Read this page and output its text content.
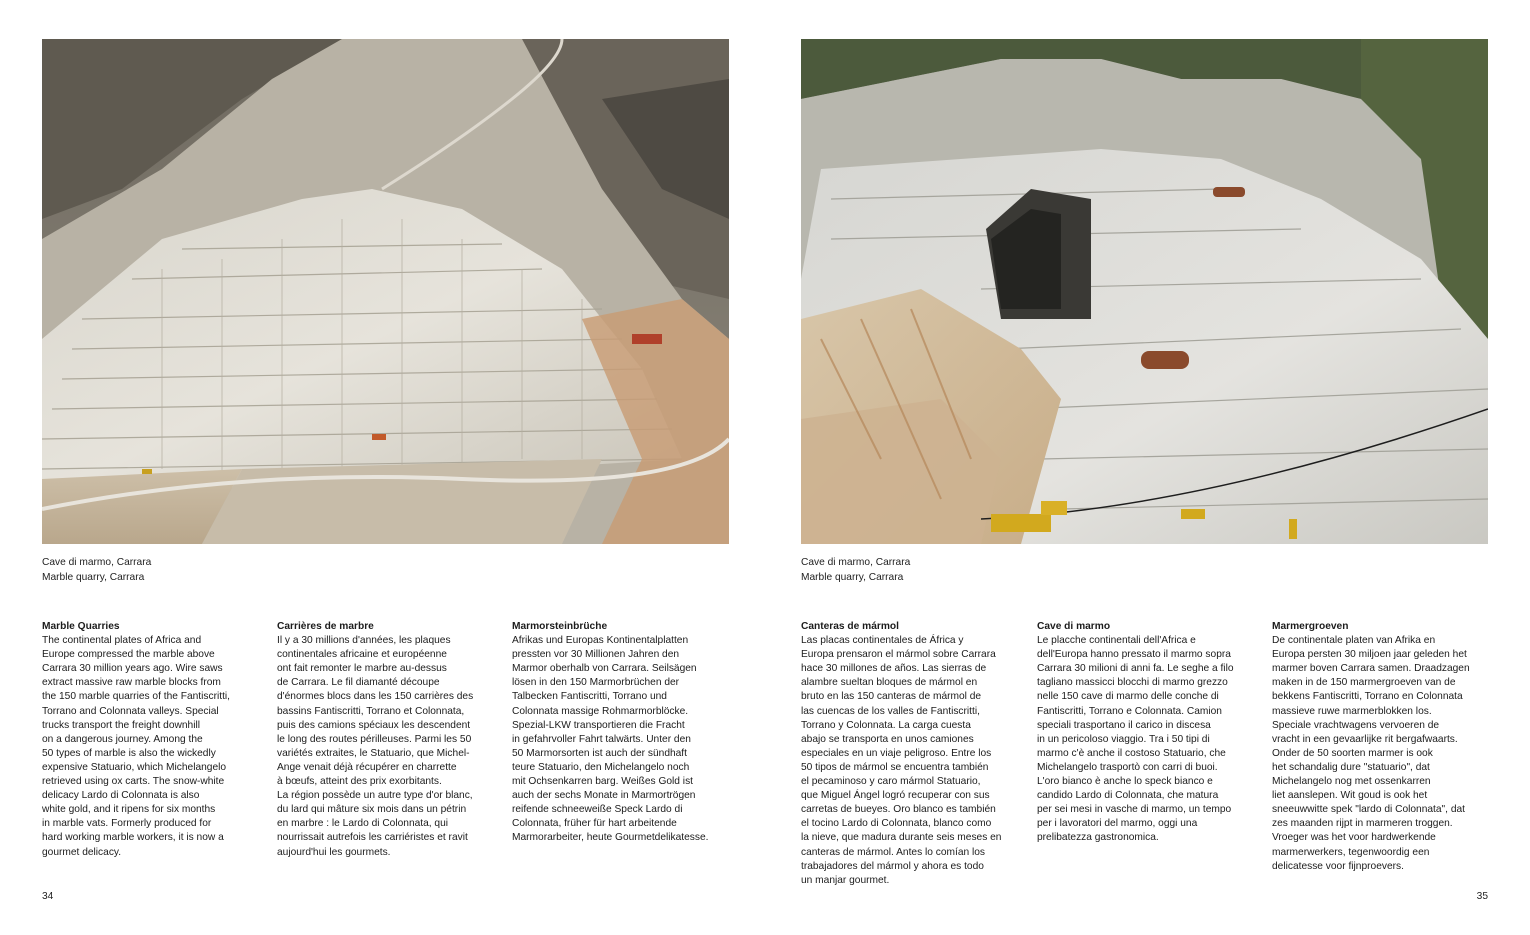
Cave di marmo, Carrara
Marble quarry, Carrara
Marble Quarries

The continental plates of Africa and
Europe compressed the marble above
Carrara 30 million years ago. Wire saws
extract massive raw marble blocks from
the 150 marble quarries of the Fantiscritti,
Torrano and Colonnata valleys. Special
trucks transport the freight downhill
on a dangerous journey. Among the
50 types of marble is also the wickedly
expensive Statuario, which Michelangelo
retrieved using ox carts. The snow-white
delicacy Lardo di Colonnata is also
white gold, and it ripens for six months
in marble vats. Formerly produced for
hard working marble workers, it is now a
gourmet delicacy.

Carrières de marbre

Il y a 30 millions d'années, les plaques
continentales africaine et européenne
ont fait remonter le marbre au-dessus
de Carrara. Le fil diamanté découpe
d'énormes blocs dans les 150 carrières des
bassins Fantiscritti, Torrano et Colonnata,
puis des camions spéciaux les descendent
le long des routes périlleuses. Parmi les 50
variétés extraites, le Statuario, que Michel-
Ange venait déjà récupérer en charrette
à bœufs, atteint des prix exorbitants.
La région possède un autre type d'or blanc,
du lard qui mâture six mois dans un pétrin
en marbre : le Lardo di Colonnata, qui
nourrissait autrefois les carriéristes et ravit
aujourd'hui les gourmets.

Marmorsteinbrüche

Afrikas und Europas Kontinentalplatten
pressten vor 30 Millionen Jahren den
Marmor oberhalb von Carrara. Seilsägen
lösen in den 150 Marmorbrüchen der
Talbecken Fantiscritti, Torrano und
Colonnata massige Rohmarmorblöcke.
Spezial-LKW transportieren die Fracht
in gefahrvoller Fahrt talwärts. Unter den
50 Marmorsorten ist auch der sündhaft
teure Statuario, den Michelangelo noch
mit Ochsenkarren barg. Weißes Gold ist
auch der sechs Monate in Marmortrögen
reifende schneeweiße Speck Lardo di
Colonnata, früher für hart arbeitende
Marmorarbeiter, heute Gourmetdelikatesse.

34
Cave di marmo, Carrara
Marble quarry, Carrara
Canteras de mármol

Las placas continentales de África y
Europa prensaron el mármol sobre Carrara
hace 30 millones de años. Las sierras de
alambre sueltan bloques de mármol en
bruto en las 150 canteras de mármol de
las cuencas de los valles de Fantiscritti,
Torrano y Colonnata. La carga cuesta
abajo se transporta en unos camiones
especiales en un viaje peligroso. Entre los
50 tipos de mármol se encuentra también
el pecaminoso y caro mármol Statuario,
que Miguel Ángel logró recuperar con sus
carretas de bueyes. Oro blanco es también
el tocino Lardo di Colonnata, blanco como
la nieve, que madura durante seis meses en
canteras de mármol. Antes lo comían los
trabajadores del mármol y ahora es todo
un manjar gourmet.

Cave di marmo

Le placche continentali dell'Africa e
dell'Europa hanno pressato il marmo sopra
Carrara 30 milioni di anni fa. Le seghe a filo
tagliano massicci blocchi di marmo grezzo
nelle 150 cave di marmo delle conche di
Fantiscritti, Torrano e Colonnata. Camion
speciali trasportano il carico in discesa
in un pericoloso viaggio. Tra i 50 tipi di
marmo c'è anche il costoso Statuario, che
Michelangelo trasportò con carri di buoi.
L'oro bianco è anche lo speck bianco e
candido Lardo di Colonnata, che matura
per sei mesi in vasche di marmo, un tempo
per i lavoratori del marmo, oggi una
prelibatezza gastronomica.

Marmergroeven

De continentale platen van Afrika en
Europa persten 30 miljoen jaar geleden het
marmer boven Carrara samen. Draadzagen
maken in de 150 marmergroeven van de
bekkens Fantiscritti, Torrano en Colonnata
massieve ruwe marmerblokken los.
Speciale vrachtwagens vervoeren de
vracht in een gevaarlijke rit bergafwaarts.
Onder de 50 soorten marmer is ook
het schandalig dure "statuario", dat
Michelangelo nog met ossenkarren
liet aanslepen. Wit goud is ook het
sneeuwwitte spek "lardo di Colonnata", dat
zes maanden rijpt in marmeren troggen.
Vroeger was het voor hardwerkende
marmerwerkers, tegenwoordig een
delicatesse voor fijnproevers.

35
